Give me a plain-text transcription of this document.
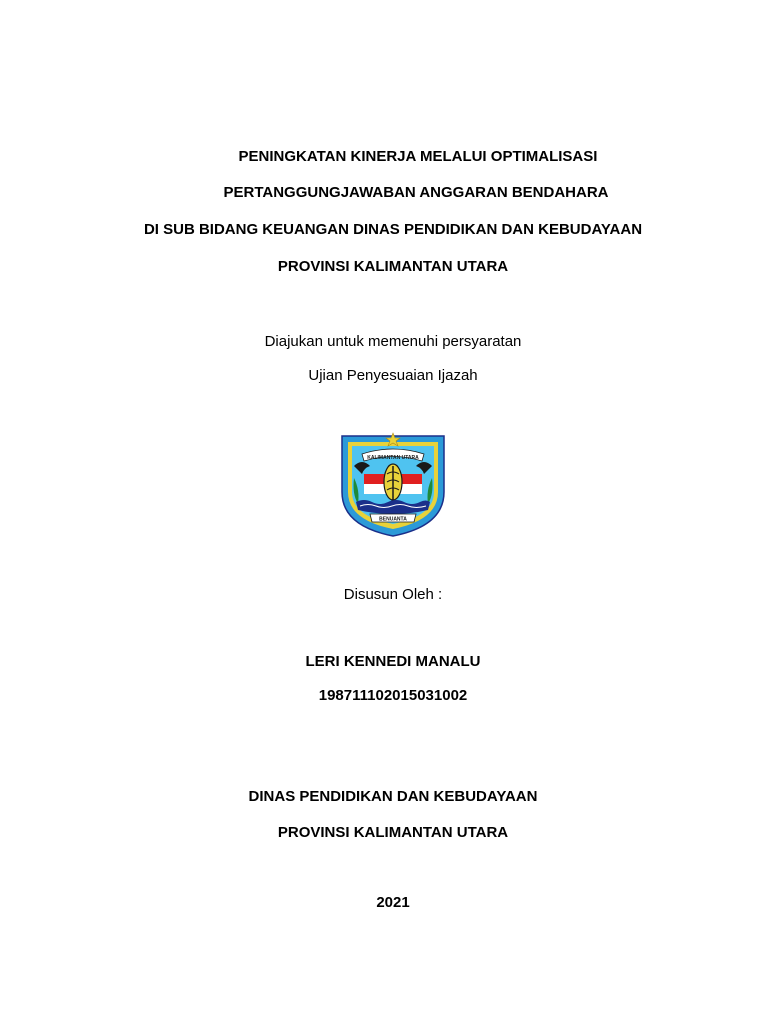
PENINGKATAN KINERJA MELALUI OPTIMALISASI
PERTANGGUNGJAWABAN ANGGARAN BENDAHARA
DI SUB BIDANG KEUANGAN DINAS PENDIDIKAN DAN KEBUDAYAAN
PROVINSI KALIMANTAN UTARA
Diajukan untuk memenuhi persyaratan
Ujian Penyesuaian Ijazah
KALIMANTAN UTARA
BENUANTA
Disusun Oleh :
LERI KENNEDI MANALU
198711102015031002
DINAS PENDIDIKAN DAN KEBUDAYAAN
PROVINSI KALIMANTAN UTARA
2021
